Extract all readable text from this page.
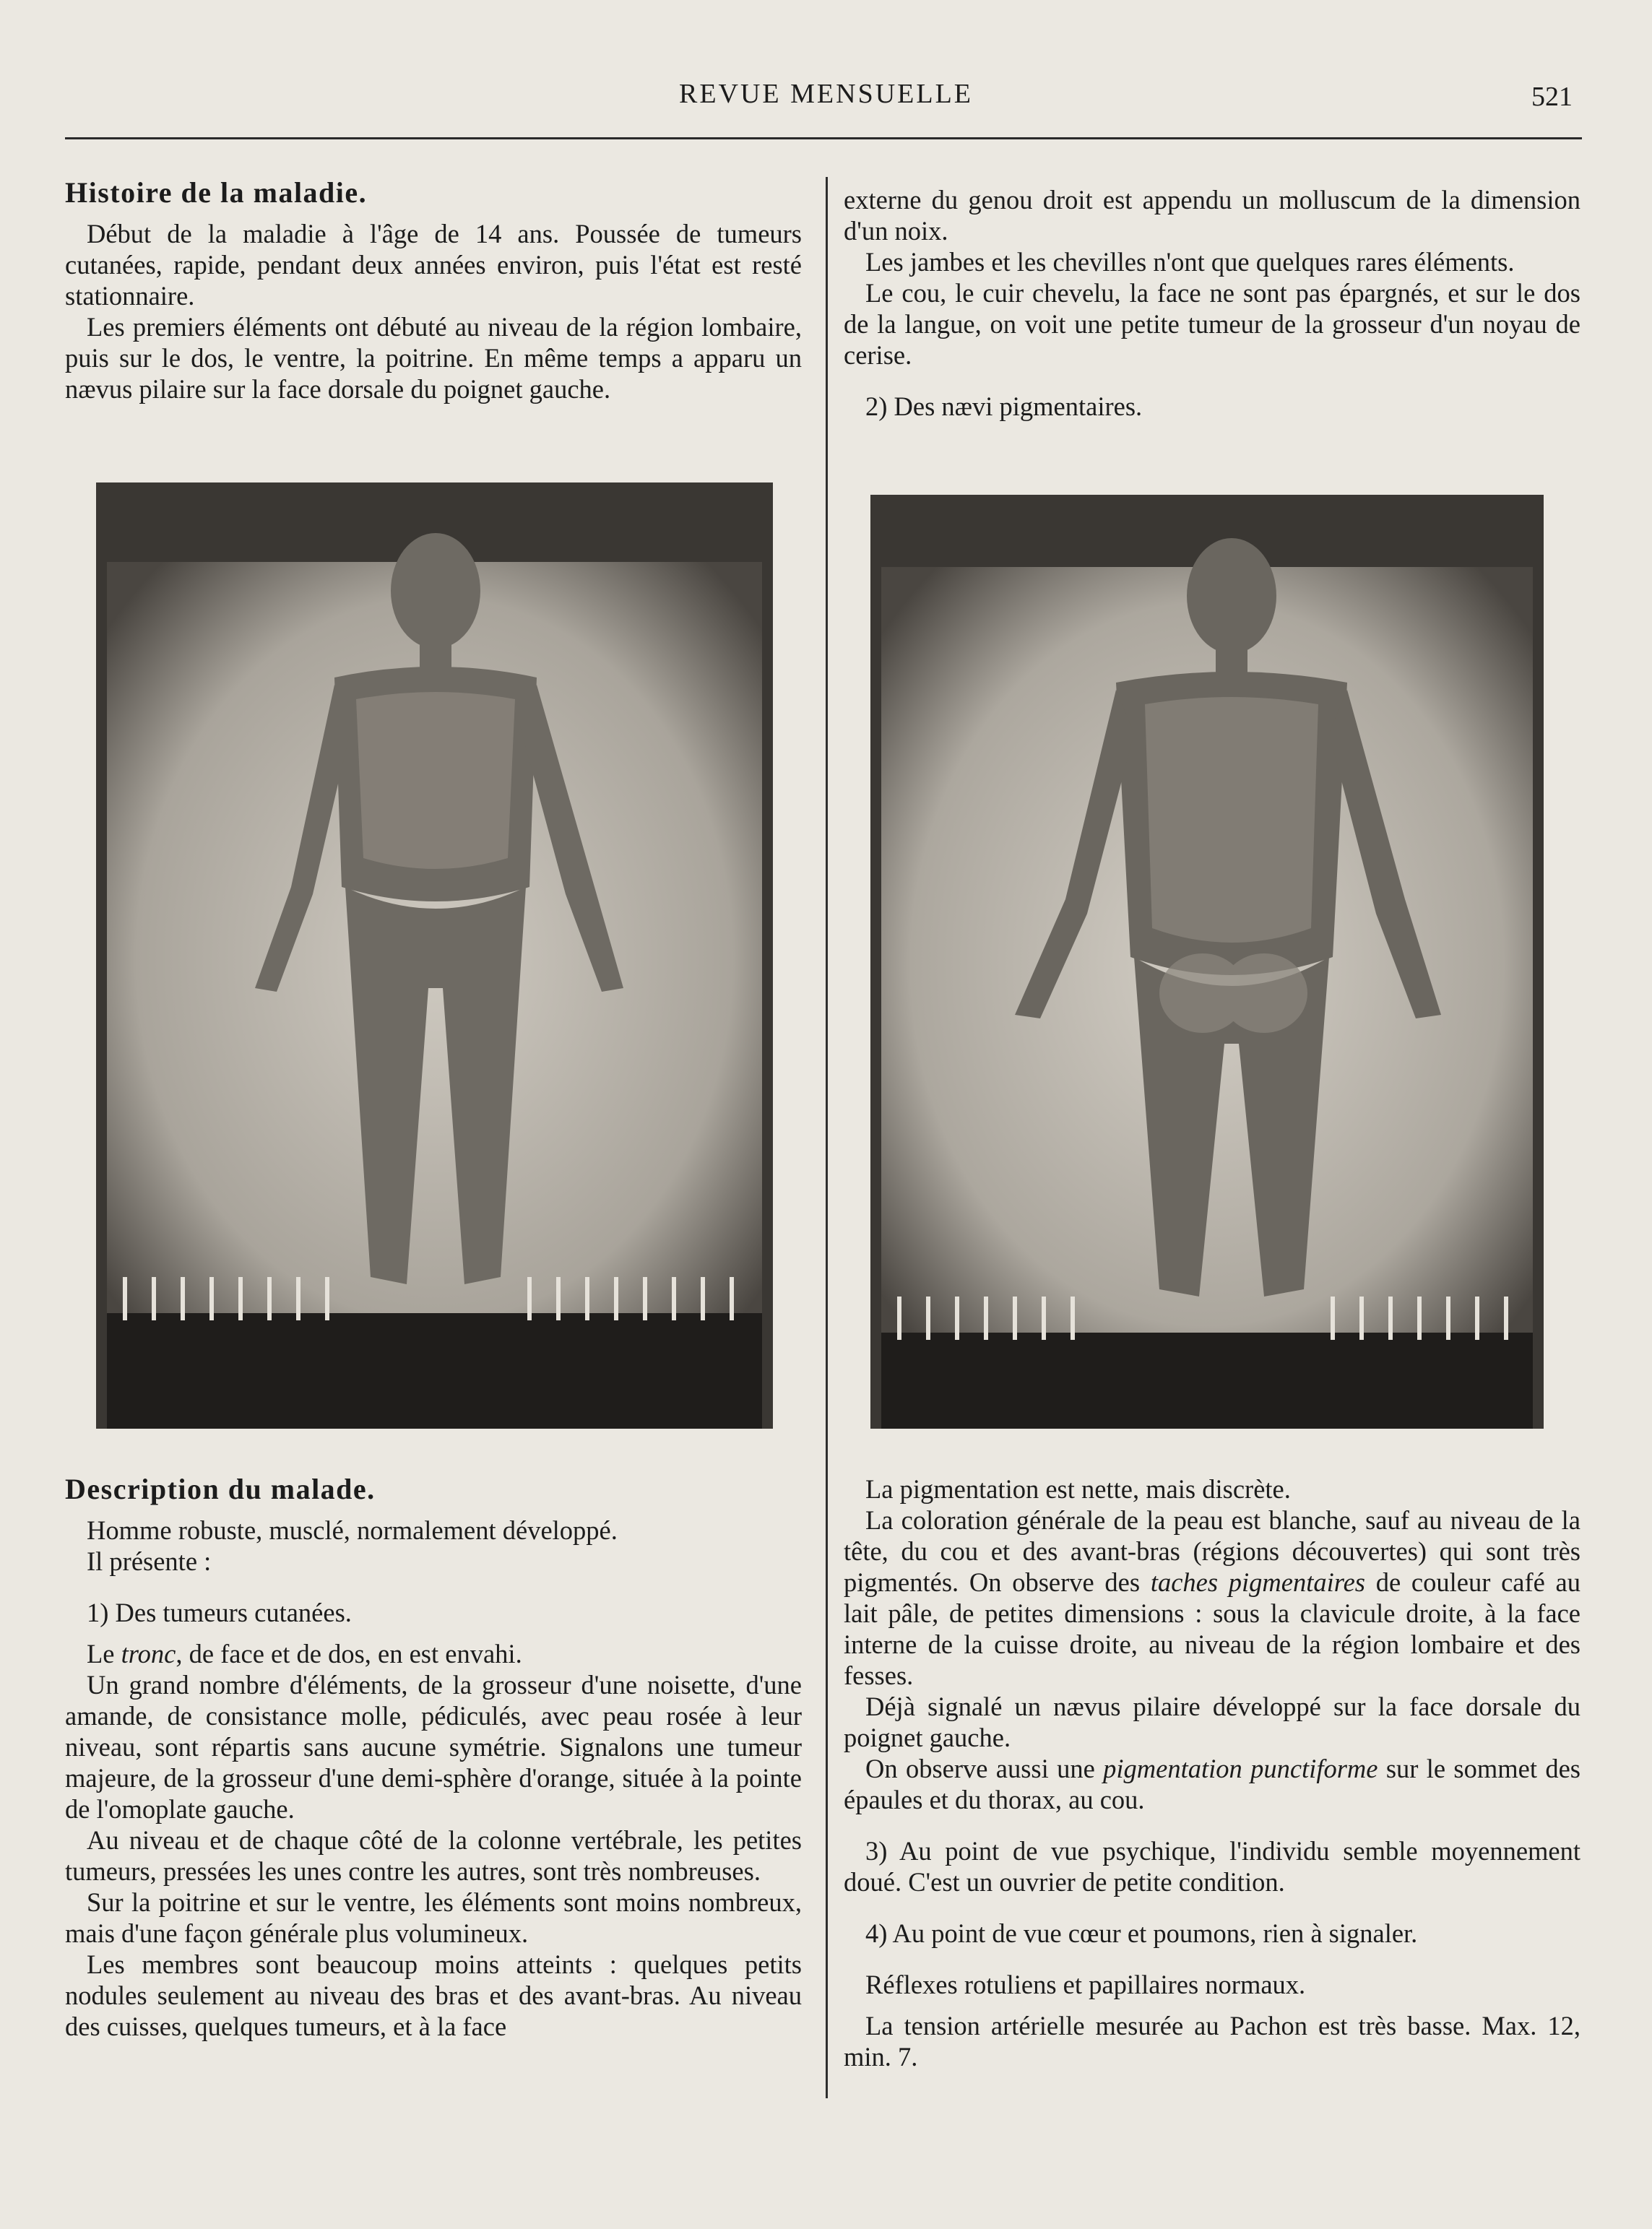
REVUE MENSUELLE	521

Histoire de la maladie.

Début de la maladie à l'âge de 14 ans. Poussée de tumeurs cutanées, rapide, pendant deux années environ, puis l'état est resté stationnaire.

Les premiers éléments ont débuté au niveau de la région lombaire, puis sur le dos, le ventre, la poitrine. En même temps a apparu un nævus pilaire sur la face dorsale du poignet gauche.

Description du malade.

Homme robuste, musclé, normalement développé.

Il présente :

1) Des tumeurs cutanées.

Le tronc, de face et de dos, en est envahi.

Un grand nombre d'éléments, de la grosseur d'une noisette, d'une amande, de consistance molle, pédiculés, avec peau rosée à leur niveau, sont répartis sans aucune symétrie. Signalons une tumeur majeure, de la grosseur d'une demi-sphère d'orange, située à la pointe de l'omoplate gauche.

Au niveau et de chaque côté de la colonne vertébrale, les petites tumeurs, pressées les unes contre les autres, sont très nombreuses.

Sur la poitrine et sur le ventre, les éléments sont moins nombreux, mais d'une façon générale plus volumineux.

Les membres sont beaucoup moins atteints : quelques petits nodules seulement au niveau des bras et des avant-bras. Au niveau des cuisses, quelques tumeurs, et à la face

externe du genou droit est appendu un molluscum de la dimension d'un noix.

Les jambes et les chevilles n'ont que quelques rares éléments.

Le cou, le cuir chevelu, la face ne sont pas épargnés, et sur le dos de la langue, on voit une petite tumeur de la grosseur d'un noyau de cerise.

2) Des nævi pigmentaires.

La pigmentation est nette, mais discrète.

La coloration générale de la peau est blanche, sauf au niveau de la tête, du cou et des avant-bras (régions découvertes) qui sont très pigmentés. On observe des taches pigmentaires de couleur café au lait pâle, de petites dimensions : sous la clavicule droite, à la face interne de la cuisse droite, au niveau de la région lombaire et des fesses.

Déjà signalé un nævus pilaire développé sur la face dorsale du poignet gauche.

On observe aussi une pigmentation punctiforme sur le sommet des épaules et du thorax, au cou.

3) Au point de vue psychique, l'individu semble moyennement doué. C'est un ouvrier de petite condition.

4) Au point de vue cœur et poumons, rien à signaler.

Réflexes rotuliens et papillaires normaux.

La tension artérielle mesurée au Pachon est très basse. Max. 12, min. 7.
